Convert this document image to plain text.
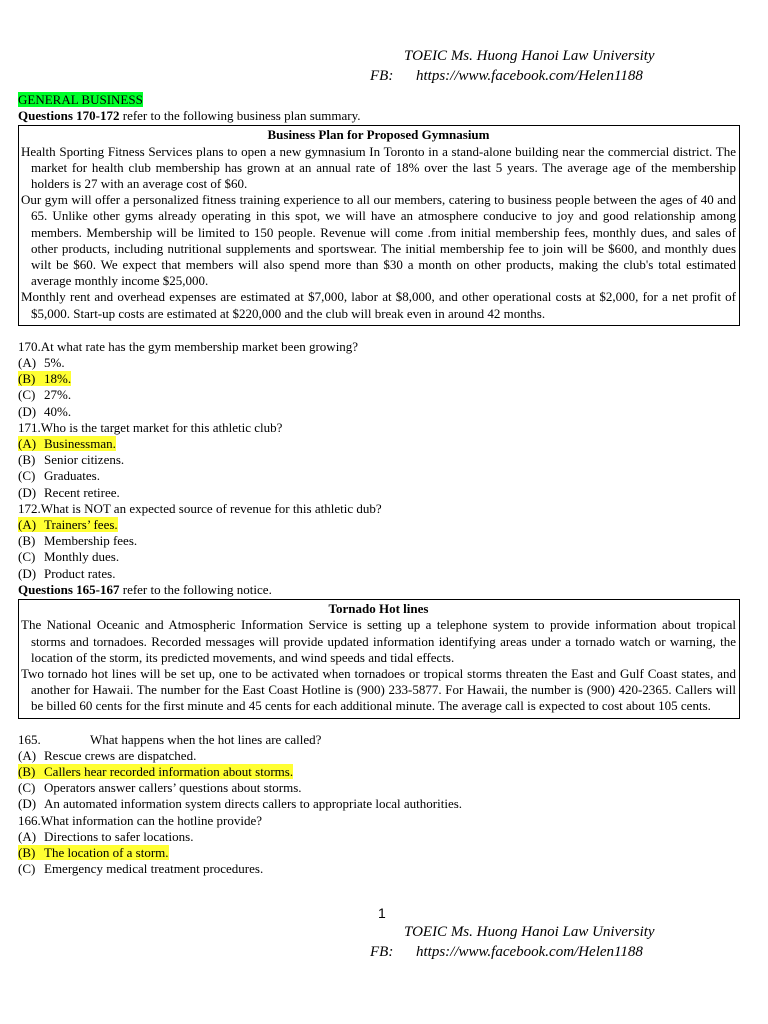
TOEIC Ms. Huong Hanoi Law University
FB: https://www.facebook.com/Helen1188
GENERAL BUSINESS
Questions 170-172 refer to the following business plan summary.
Business Plan for Proposed Gymnasium
Health Sporting Fitness Services plans to open a new gymnasium In Toronto in a stand-alone building near the commercial district. The market for health club membership has grown at an annual rate of 18% over the last 5 years. The average age of the membership holders is 27 with an average cost of $60.
Our gym will offer a personalized fitness training experience to all our members, catering to business people between the ages of 40 and 65. Unlike other gyms already operating in this spot, we will have an atmosphere conducive to joy and good relationship among members. Membership will be limited to 150 people. Revenue will come .from initial membership fees, monthly dues, and sales of other products, including nutritional supplements and sportswear. The initial membership fee to join will be $600, and monthly dues wilt be $60. We expect that members will also spend more than $30 a month on other products, making the club's total estimated average monthly income $25,000.
Monthly rent and overhead expenses are estimated at $7,000, labor at $8,000, and other operational costs at $2,000, for a net profit of $5,000. Start-up costs are estimated at $220,000 and the club will break even in around 42 months.
170.At what rate has the gym membership market been growing?
(A) 5%.
(B) 18%.
(C) 27%.
(D) 40%.
171.Who is the target market for this athletic club?
(A) Businessman.
(B) Senior citizens.
(C) Graduates.
(D) Recent retiree.
172.What is NOT an expected source of revenue for this athletic dub?
(A) Trainers’ fees.
(B) Membership fees.
(C) Monthly dues.
(D) Product rates.
Questions 165-167 refer to the following notice.
Tornado Hot lines
The National Oceanic and Atmospheric Information Service is setting up a telephone system to provide information about tropical storms and tornadoes. Recorded messages will provide updated information identifying areas under a tornado watch or warning, the location of the storm, its predicted movements, and wind speeds and tidal effects.
Two tornado hot lines will be set up, one to be activated when tornadoes or tropical storms threaten the East and Gulf Coast states, and another for Hawaii. The number for the East Coast Hotline is (900) 233-5877. For Hawaii, the number is (900) 420-2365. Callers will be billed 60 cents for the first minute and 45 cents for each additional minute. The average call is expected to cost about 105 cents.
165.	What happens when the hot lines are called?
(A) Rescue crews are dispatched.
(B) Callers hear recorded information about storms.
(C) Operators answer callers’ questions about storms.
(D) An automated information system directs callers to appropriate local authorities.
166.What information can the hotline provide?
(A) Directions to safer locations.
(B) The location of a storm.
(C) Emergency medical treatment procedures.
1
TOEIC Ms. Huong Hanoi Law University
FB: https://www.facebook.com/Helen1188
